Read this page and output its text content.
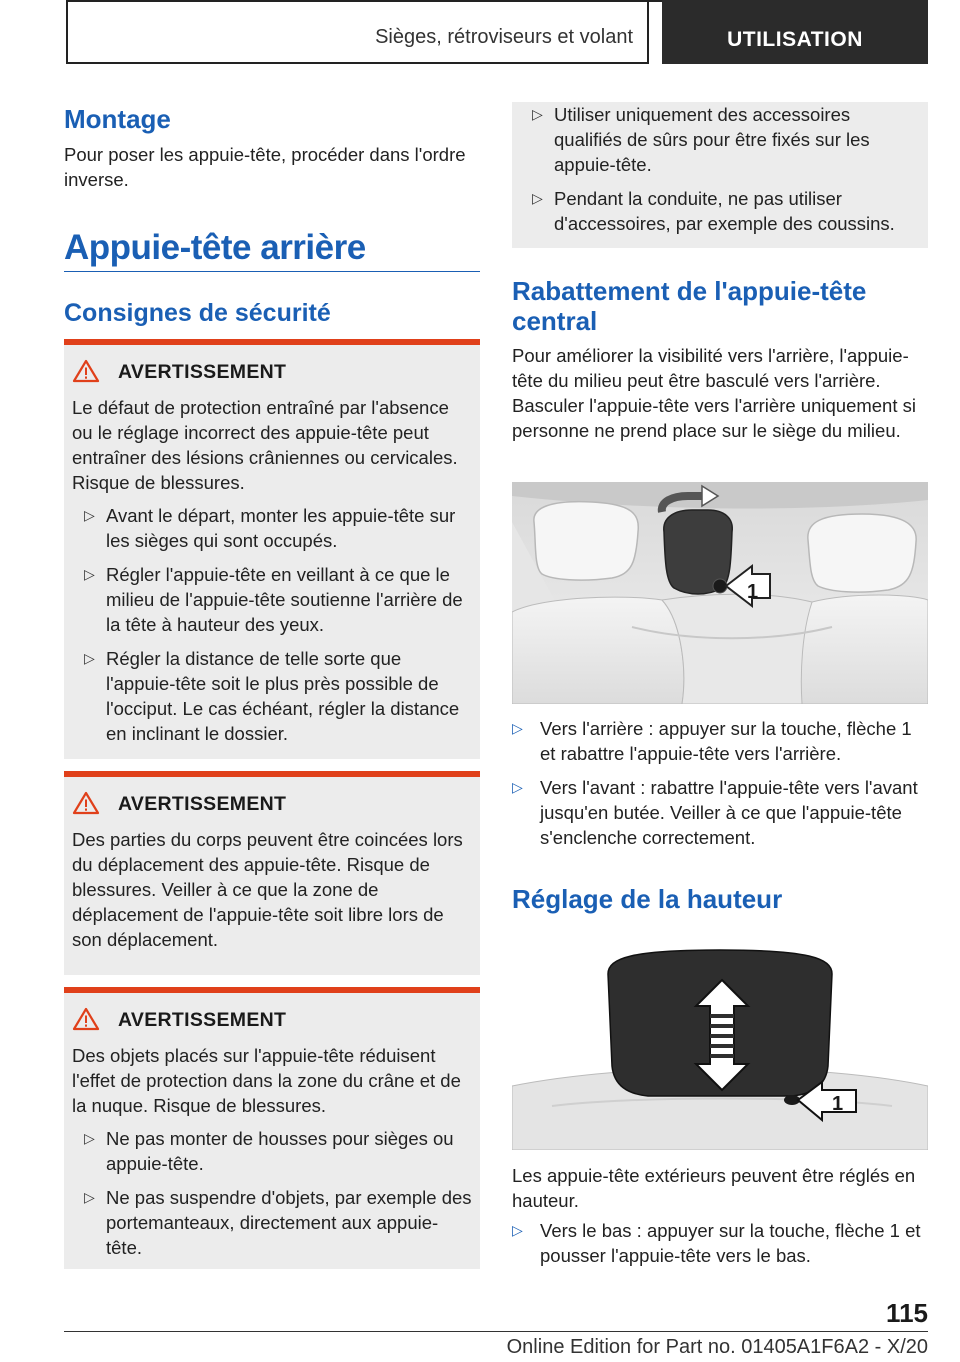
Sièges, rétroviseurs et volant	UTILISATION
Montage
Pour poser les appuie-tête, procéder dans l'ordre inverse.
Appuie-tête arrière
Consignes de sécurité
AVERTISSEMENT
Le défaut de protection entraîné par l'absence ou le réglage incorrect des appuie-tête peut entraîner des lésions crâniennes ou cervicales. Risque de blessures.
▷ Avant le départ, monter les appuie-tête sur les sièges qui sont occupés.
▷ Régler l'appuie-tête en veillant à ce que le milieu de l'appuie-tête soutienne l'arrière de la tête à hauteur des yeux.
▷ Régler la distance de telle sorte que l'appuie-tête soit le plus près possible de l'occiput. Le cas échéant, régler la distance en inclinant le dossier.
AVERTISSEMENT
Des parties du corps peuvent être coincées lors du déplacement des appuie-tête. Risque de blessures. Veiller à ce que la zone de déplacement de l'appuie-tête soit libre lors de son déplacement.
AVERTISSEMENT
Des objets placés sur l'appuie-tête réduisent l'effet de protection dans la zone du crâne et de la nuque. Risque de blessures.
▷ Ne pas monter de housses pour sièges ou appuie-tête.
▷ Ne pas suspendre d'objets, par exemple des portemanteaux, directement aux appuie-tête.
▷ Utiliser uniquement des accessoires qualifiés de sûrs pour être fixés sur les appuie-tête.
▷ Pendant la conduite, ne pas utiliser d'accessoires, par exemple des coussins.
Rabattement de l'appuie-tête central
Pour améliorer la visibilité vers l'arrière, l'appuie-tête du milieu peut être basculé vers l'arrière. Basculer l'appuie-tête vers l'arrière uniquement si personne ne prend place sur le siège du milieu.
1
▷ Vers l'arrière : appuyer sur la touche, flèche 1 et rabattre l'appuie-tête vers l'arrière.
▷ Vers l'avant : rabattre l'appuie-tête vers l'avant jusqu'en butée. Veiller à ce que l'appuie-tête s'enclenche correctement.
Réglage de la hauteur
1
Les appuie-tête extérieurs peuvent être réglés en hauteur.
▷ Vers le bas : appuyer sur la touche, flèche 1 et pousser l'appuie-tête vers le bas.
115
Online Edition for Part no. 01405A1F6A2 - X/20
